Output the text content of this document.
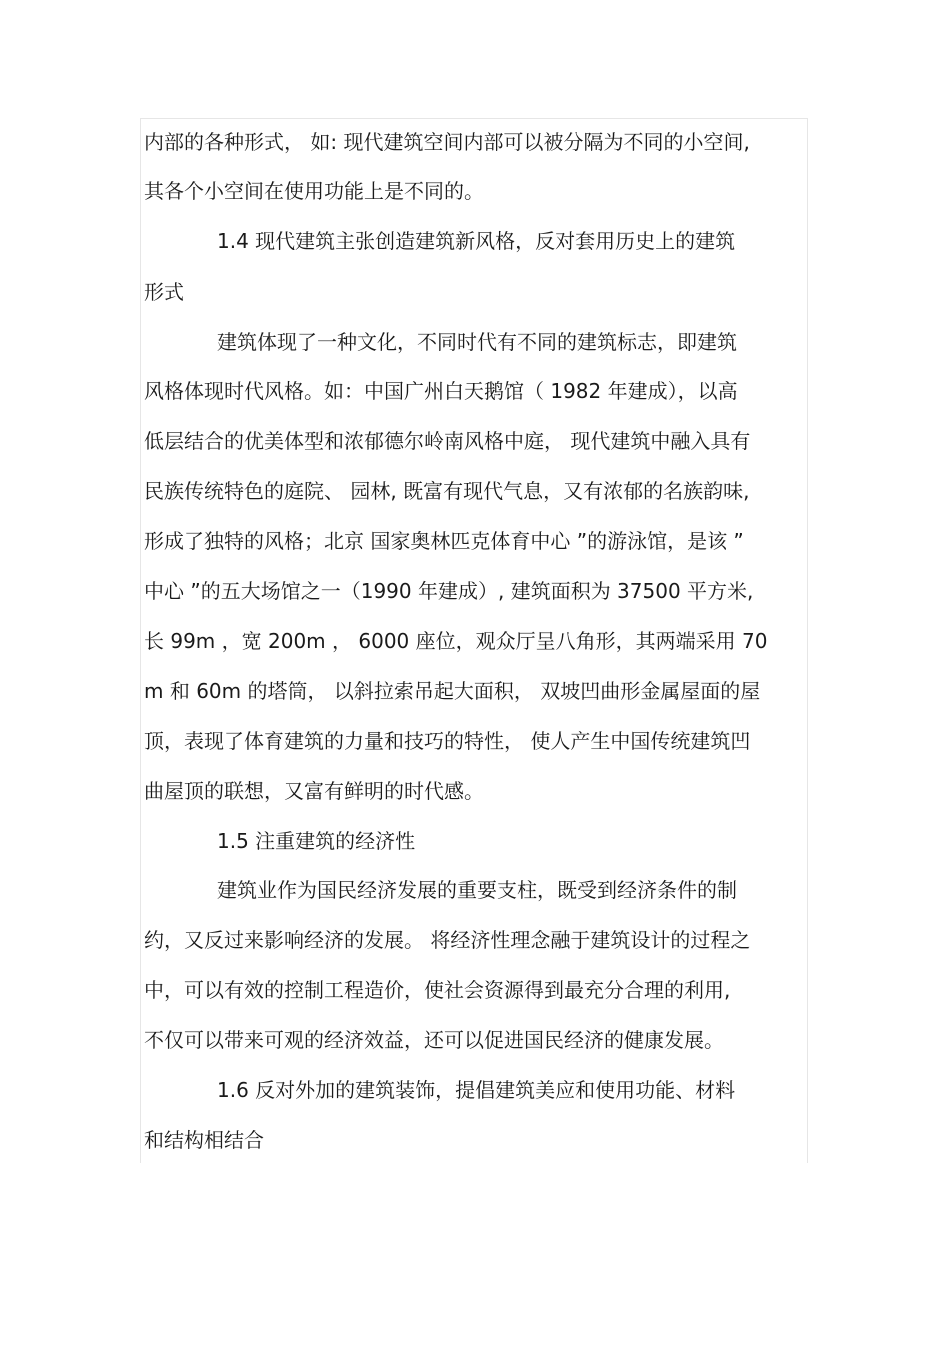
内部的各种形式， 如: 现代建筑空间内部可以被分隔为不同的小空间,
其各个小空间在使用功能上是不同的。
1.4 现代建筑主张创造建筑新风格，反对套用历史上的建筑
形式
建筑体现了一种文化，不同时代有不同的建筑标志，即建筑
风格体现时代风格。如：中国广州白天鹅馆（ 1982 年建成），以高
低层结合的优美体型和浓郁德尔岭南风格中庭， 现代建筑中融入具有
民族传统特色的庭院、 园林, 既富有现代气息，又有浓郁的名族韵味,
形成了独特的风格；北京 国家奥林匹克体育中心 ”的游泳馆，是该 ”
中心 ”的五大场馆之一（1990 年建成）, 建筑面积为 37500 平方米,
长 99m ，宽 200m ， 6000 座位，观众厅呈八角形，其两端采用 70
m 和 60m 的塔筒， 以斜拉索吊起大面积， 双坡凹曲形金属屋面的屋
顶，表现了体育建筑的力量和技巧的特性， 使人产生中国传统建筑凹
曲屋顶的联想，又富有鲜明的时代感。
1.5 注重建筑的经济性
建筑业作为国民经济发展的重要支柱，既受到经济条件的制
约，又反过来影响经济的发展。 将经济性理念融于建筑设计的过程之
中，可以有效的控制工程造价，使社会资源得到最充分合理的利用,
不仅可以带来可观的经济效益，还可以促进国民经济的健康发展。
1.6 反对外加的建筑装饰，提倡建筑美应和使用功能、材料
和结构相结合
